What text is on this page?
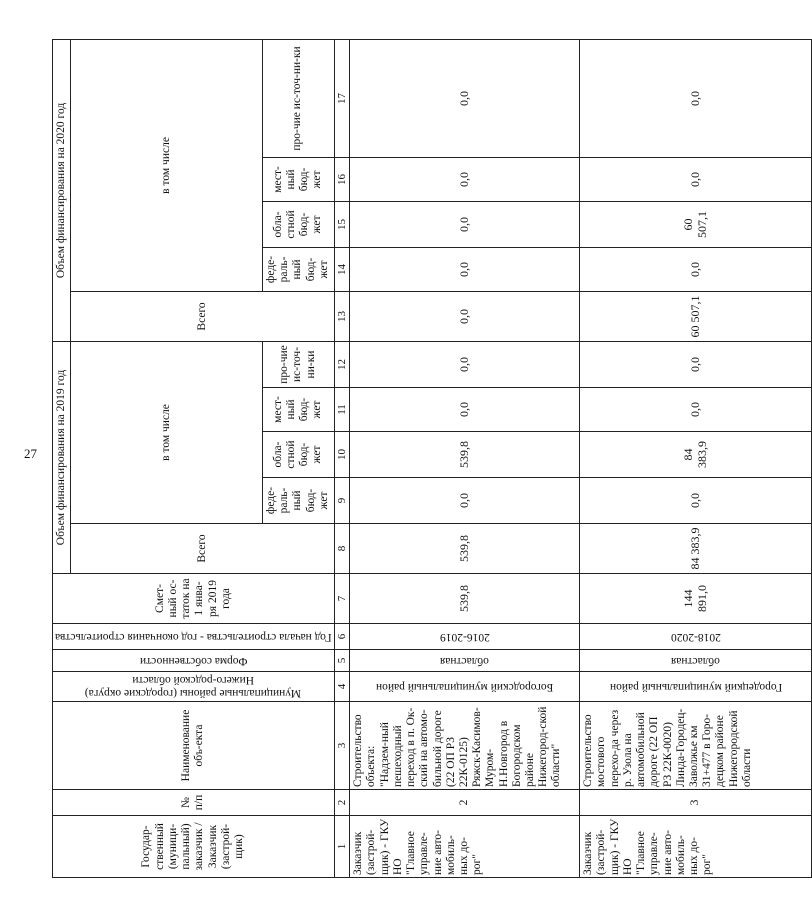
27
Государ-ственный (муници-пальный) заказчик / Заказчик (застрой-щик)	№ п/п	Наименование объ-екта	Муниципальные районы (городские округа) Нижего-родской области	Форма собственности	Год начала строительства - год окончания строительства	Смет-ный ос-таток на 1 янва-ря 2019 года	Объем финансирования на 2019 год					Объем финансирования на 2020 год				
							Всего	в том числе				Всего	в том числе			
								феде-раль-ный бюд-жет	обла-стной бюд-жет	мест-ный бюд-жет	про-чие ис-точ-ни-ки		феде-раль-ный бюд-жет	обла-стной бюд-жет	мест-ный бюд-жет	про-чие ис-точ-ни-ки
1	2	3	4	5	6	7	8	9	10	11	12	13	14	15	16	17
Заказчик (застрой-щик) - ГКУ НО "Главное управле-ние авто-мобиль-ных до-рог"	2	Строительство объекта: "Надзем-ный пешеходный переход в п. Ок-ский на автомо-бильной дороге (22 ОП РЗ 22К-0125) Ряжск-Касимов-Муром-Н.Новгород в Богородском районе Нижегород-ской области"	Богородский муниципальный район	областная	2016-2019	539,8	539,8	0,0	539,8	0,0	0,0	0,0	0,0	0,0	0,0	0,0
Заказчик (застрой-щик) - ГКУ НО "Главное управле-ние авто-мобиль-ных до-рог"	3	Строительство мостового перехо-да через р. Узола на автомобильной дороге (22 ОП РЗ 22К-0020) Линда-Городец-Заволжье км 31+477 в Горо-децком районе Нижегородской области	Городецкий муниципальный район	областная	2018-2020	144 891,0	84 383,9	0,0	84 383,9	0,0	0,0	60 507,1	0,0	60 507,1	0,0	0,0
